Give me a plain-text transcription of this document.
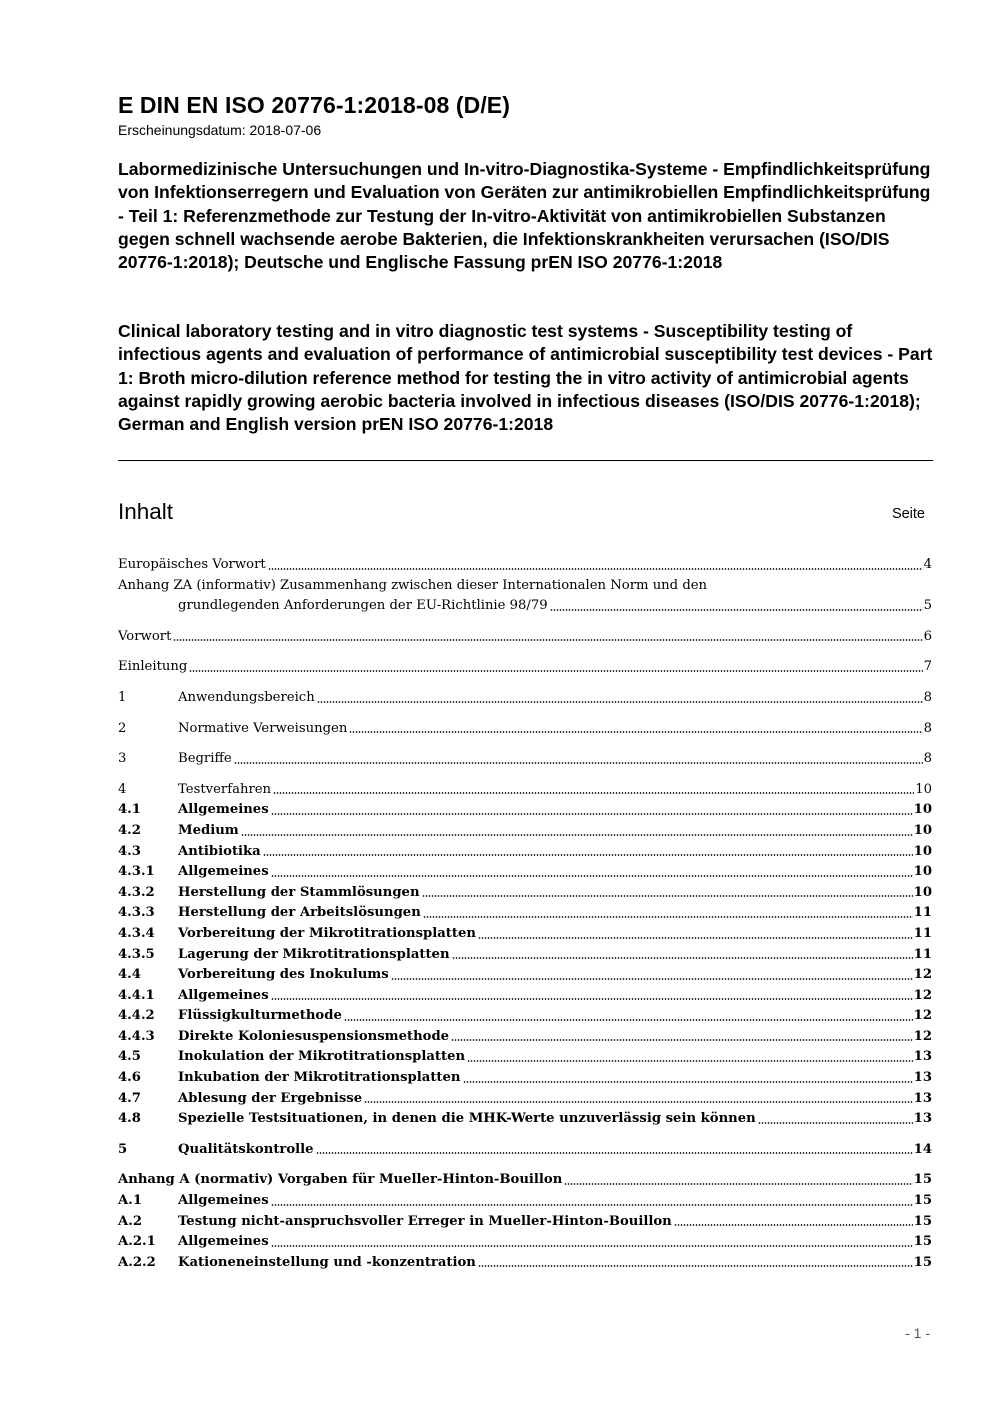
E DIN EN ISO 20776-1:2018-08 (D/E)
Erscheinungsdatum: 2018-07-06
Labormedizinische Untersuchungen und In-vitro-Diagnostika-Systeme - Empfindlichkeitsprüfung von Infektionserregern und Evaluation von Geräten zur antimikrobiellen Empfindlichkeitsprüfung - Teil 1: Referenzmethode zur Testung der In-vitro-Aktivität von antimikrobiellen Substanzen gegen schnell wachsende aerobe Bakterien, die Infektionskrankheiten verursachen (ISO/DIS 20776-1:2018); Deutsche und Englische Fassung prEN ISO 20776-1:2018
Clinical laboratory testing and in vitro diagnostic test systems - Susceptibility testing of infectious agents and evaluation of performance of antimicrobial susceptibility test devices - Part 1: Broth micro-dilution reference method for testing the in vitro activity of antimicrobial agents against rapidly growing aerobic bacteria involved in infectious diseases (ISO/DIS 20776-1:2018); German and English version prEN ISO 20776-1:2018
Inhalt	Seite
Europäisches Vorwort	4
Anhang ZA (informativ) Zusammenhang zwischen dieser Internationalen Norm und den
grundlegenden Anforderungen der EU-Richtlinie 98/79	5
Vorwort	6
Einleitung	7
1	Anwendungsbereich	8
2	Normative Verweisungen	8
3	Begriffe	8
4	Testverfahren	10
4.1	Allgemeines	10
4.2	Medium	10
4.3	Antibiotika	10
4.3.1	Allgemeines	10
4.3.2	Herstellung der Stammlösungen	10
4.3.3	Herstellung der Arbeitslösungen	11
4.3.4	Vorbereitung der Mikrotitrationsplatten	11
4.3.5	Lagerung der Mikrotitrationsplatten	11
4.4	Vorbereitung des Inokulums	12
4.4.1	Allgemeines	12
4.4.2	Flüssigkulturmethode	12
4.4.3	Direkte Koloniesuspensionsmethode	12
4.5	Inokulation der Mikrotitrationsplatten	13
4.6	Inkubation der Mikrotitrationsplatten	13
4.7	Ablesung der Ergebnisse	13
4.8	Spezielle Testsituationen, in denen die MHK-Werte unzuverlässig sein können	13
5	Qualitätskontrolle	14
Anhang A (normativ) Vorgaben für Mueller-Hinton-Bouillon	15
A.1	Allgemeines	15
A.2	Testung nicht-anspruchsvoller Erreger in Mueller-Hinton-Bouillon	15
A.2.1	Allgemeines	15
A.2.2	Kationeneinstellung und -konzentration	15
- 1 -
